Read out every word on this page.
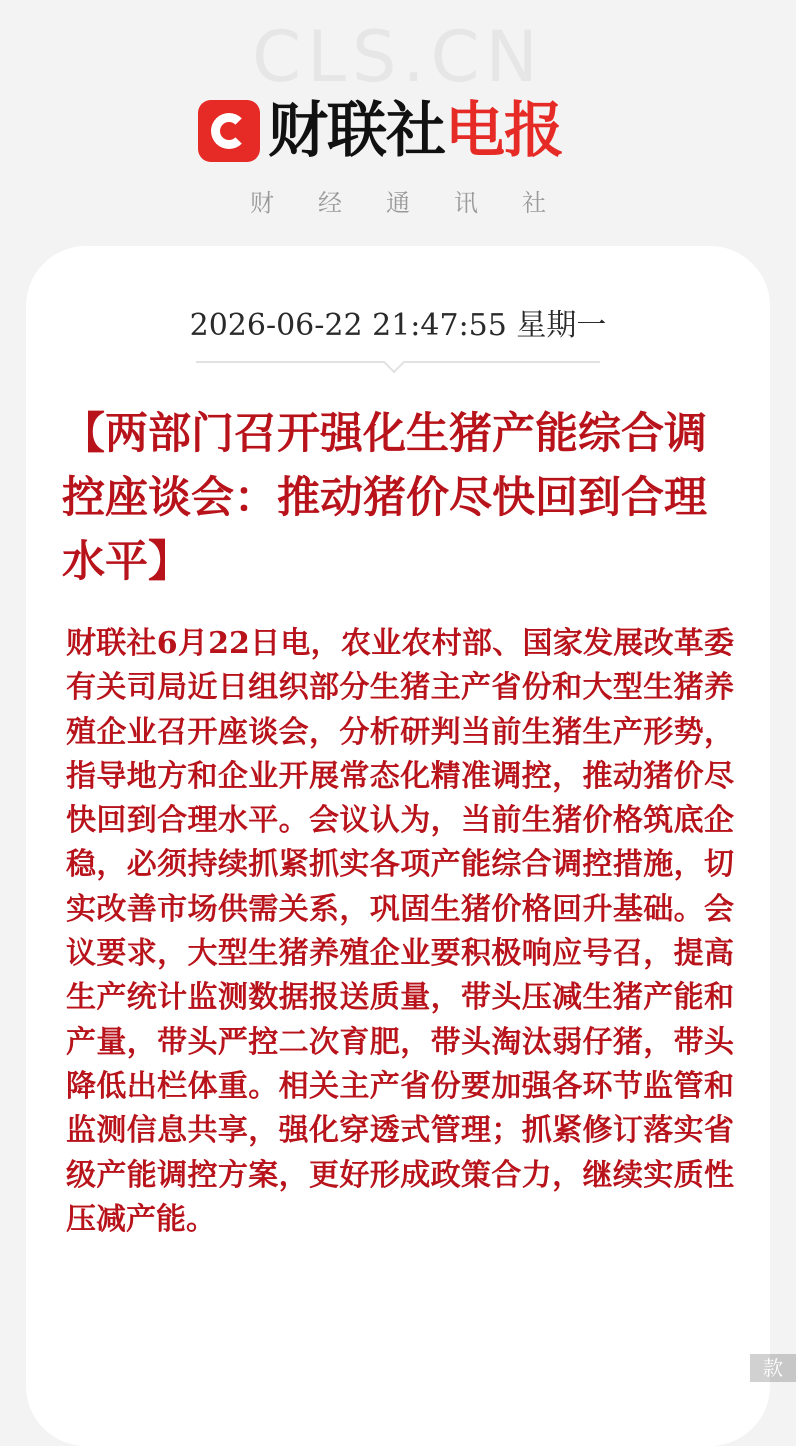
CLS.CN
财联社电报
财经通讯社
2026-06-22 21:47:55 星期一
【两部门召开强化生猪产能综合调控座谈会：推动猪价尽快回到合理水平】
财联社6月22日电，农业农村部、国家发展改革委有关司局近日组织部分生猪主产省份和大型生猪养殖企业召开座谈会，分析研判当前生猪生产形势，指导地方和企业开展常态化精准调控，推动猪价尽快回到合理水平。会议认为，当前生猪价格筑底企稳，必须持续抓紧抓实各项产能综合调控措施，切实改善市场供需关系，巩固生猪价格回升基础。会议要求，大型生猪养殖企业要积极响应号召，提高生产统计监测数据报送质量，带头压减生猪产能和产量，带头严控二次育肥，带头淘汰弱仔猪，带头降低出栏体重。相关主产省份要加强各环节监管和监测信息共享，强化穿透式管理；抓紧修订落实省级产能调控方案，更好形成政策合力，继续实质性压减产能。
款
